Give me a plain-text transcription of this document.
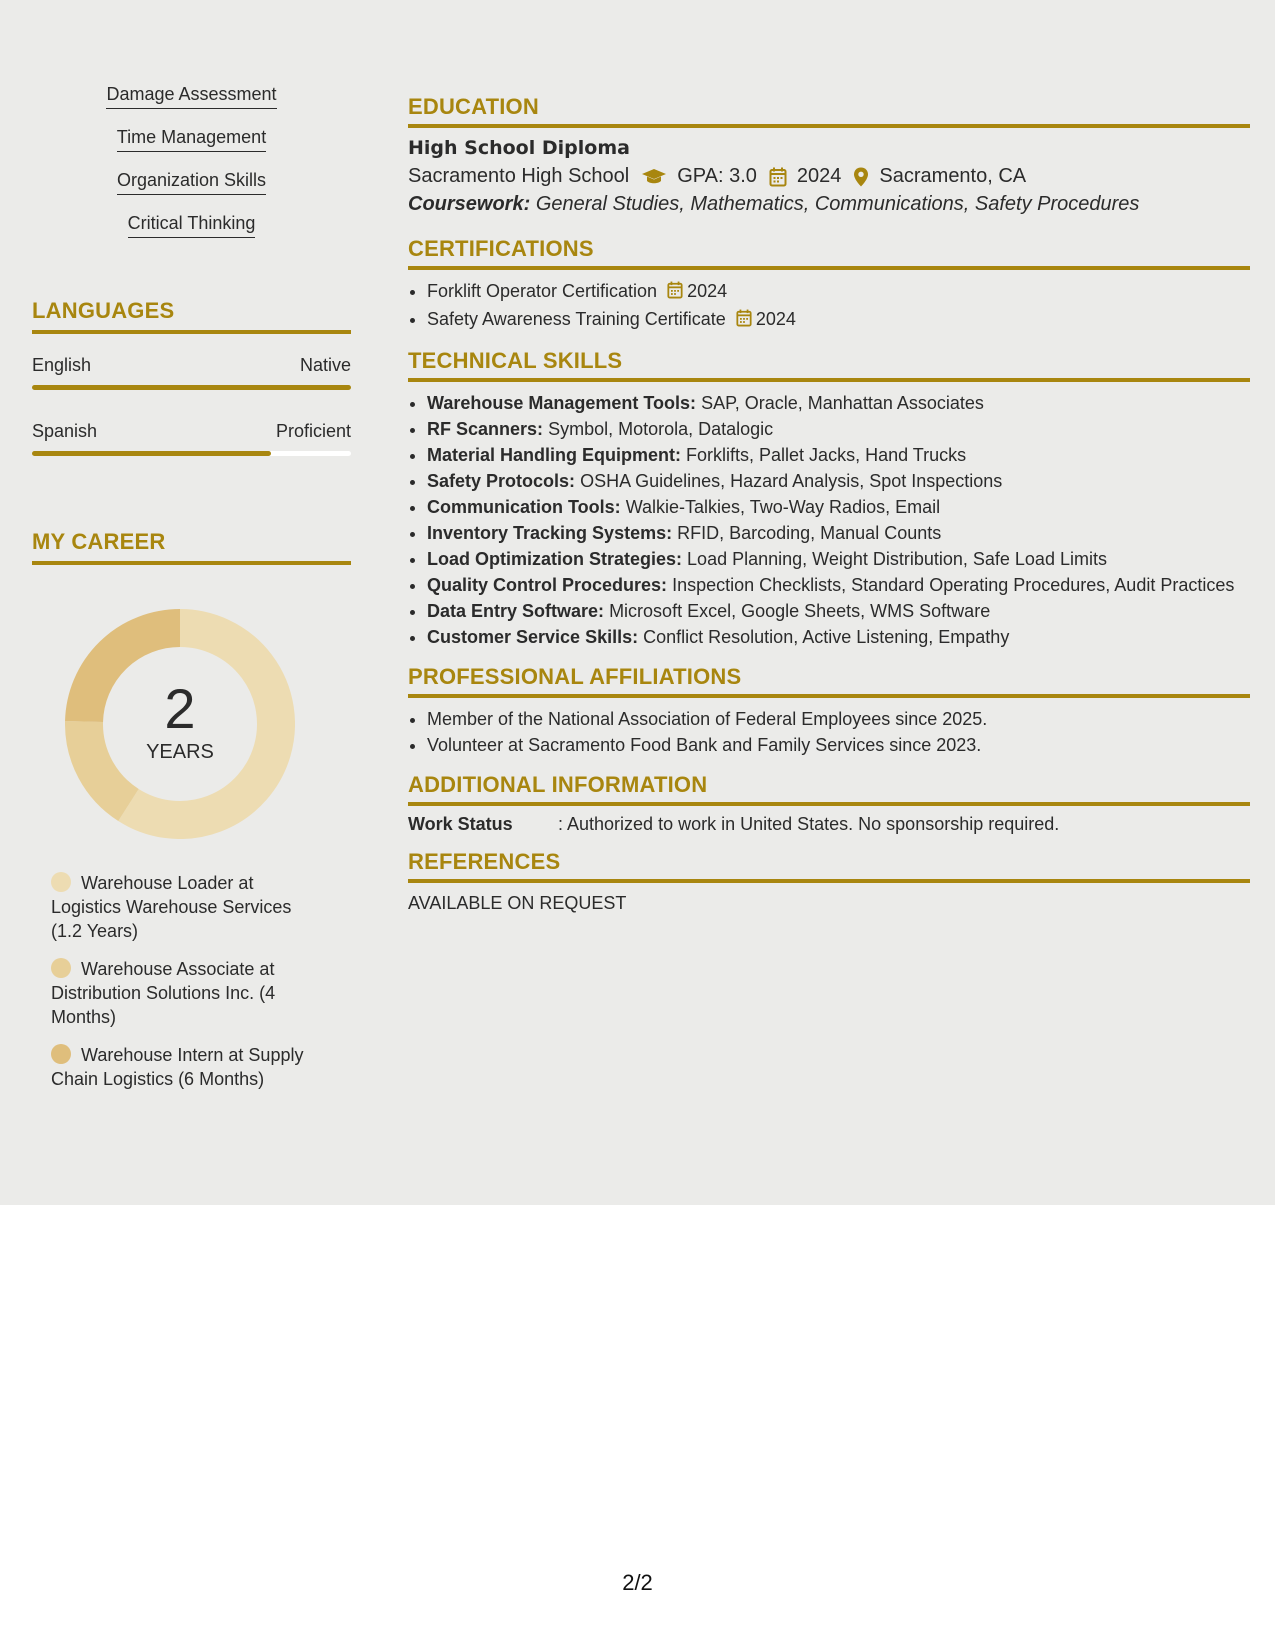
Damage Assessment
Time Management
Organization Skills
Critical Thinking
LANGUAGES
English	Native
Spanish	Proficient
MY CAREER
2
YEARS
Warehouse Loader at Logistics Warehouse Services (1.2 Years)
Warehouse Associate at Distribution Solutions Inc. (4 Months)
Warehouse Intern at Supply Chain Logistics (6 Months)
EDUCATION
High School Diploma
Sacramento High School GPA: 3.0 2024 Sacramento, CA
Coursework: General Studies, Mathematics, Communications, Safety Procedures
CERTIFICATIONS
• Forklift Operator Certification 2024
• Safety Awareness Training Certificate 2024
TECHNICAL SKILLS
• Warehouse Management Tools: SAP, Oracle, Manhattan Associates
• RF Scanners: Symbol, Motorola, Datalogic
• Material Handling Equipment: Forklifts, Pallet Jacks, Hand Trucks
• Safety Protocols: OSHA Guidelines, Hazard Analysis, Spot Inspections
• Communication Tools: Walkie-Talkies, Two-Way Radios, Email
• Inventory Tracking Systems: RFID, Barcoding, Manual Counts
• Load Optimization Strategies: Load Planning, Weight Distribution, Safe Load Limits
• Quality Control Procedures: Inspection Checklists, Standard Operating Procedures, Audit Practices
• Data Entry Software: Microsoft Excel, Google Sheets, WMS Software
• Customer Service Skills: Conflict Resolution, Active Listening, Empathy
PROFESSIONAL AFFILIATIONS
• Member of the National Association of Federal Employees since 2025.
• Volunteer at Sacramento Food Bank and Family Services since 2023.
ADDITIONAL INFORMATION
Work Status	: Authorized to work in United States. No sponsorship required.
REFERENCES
AVAILABLE ON REQUEST
2/2
